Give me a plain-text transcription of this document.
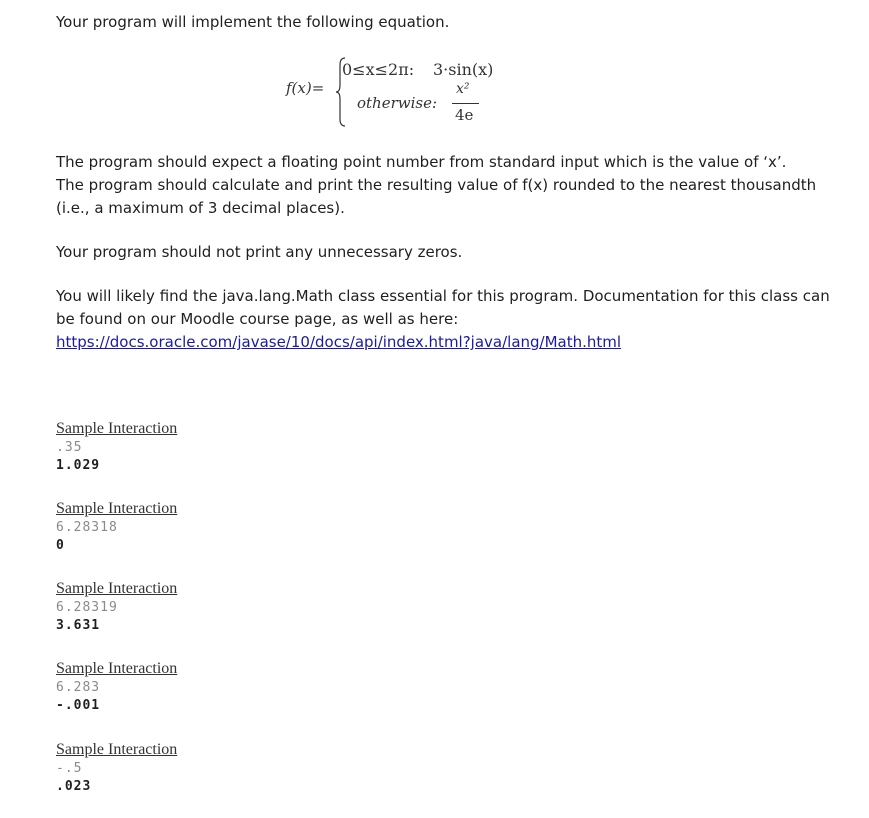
Your program will implement the following equation.

f(x)=
0≤x≤2π: 3·sin(x)
otherwise:
x²
4e

The program should expect a floating point number from standard input which is the value of ‘x’.

The program should calculate and print the resulting value of f(x) rounded to the nearest thousandth

(i.e., a maximum of 3 decimal places).

Your program should not print any unnecessary zeros.

You will likely find the java.lang.Math class essential for this program. Documentation for this class can

be found on our Moodle course page, as well as here:

https://docs.oracle.com/javase/10/docs/api/index.html?java/lang/Math.html

Sample Interaction
.35
1.029
Sample Interaction
6.28318
0
Sample Interaction
6.28319
3.631
Sample Interaction
6.283
-.001
Sample Interaction
-.5
.023
